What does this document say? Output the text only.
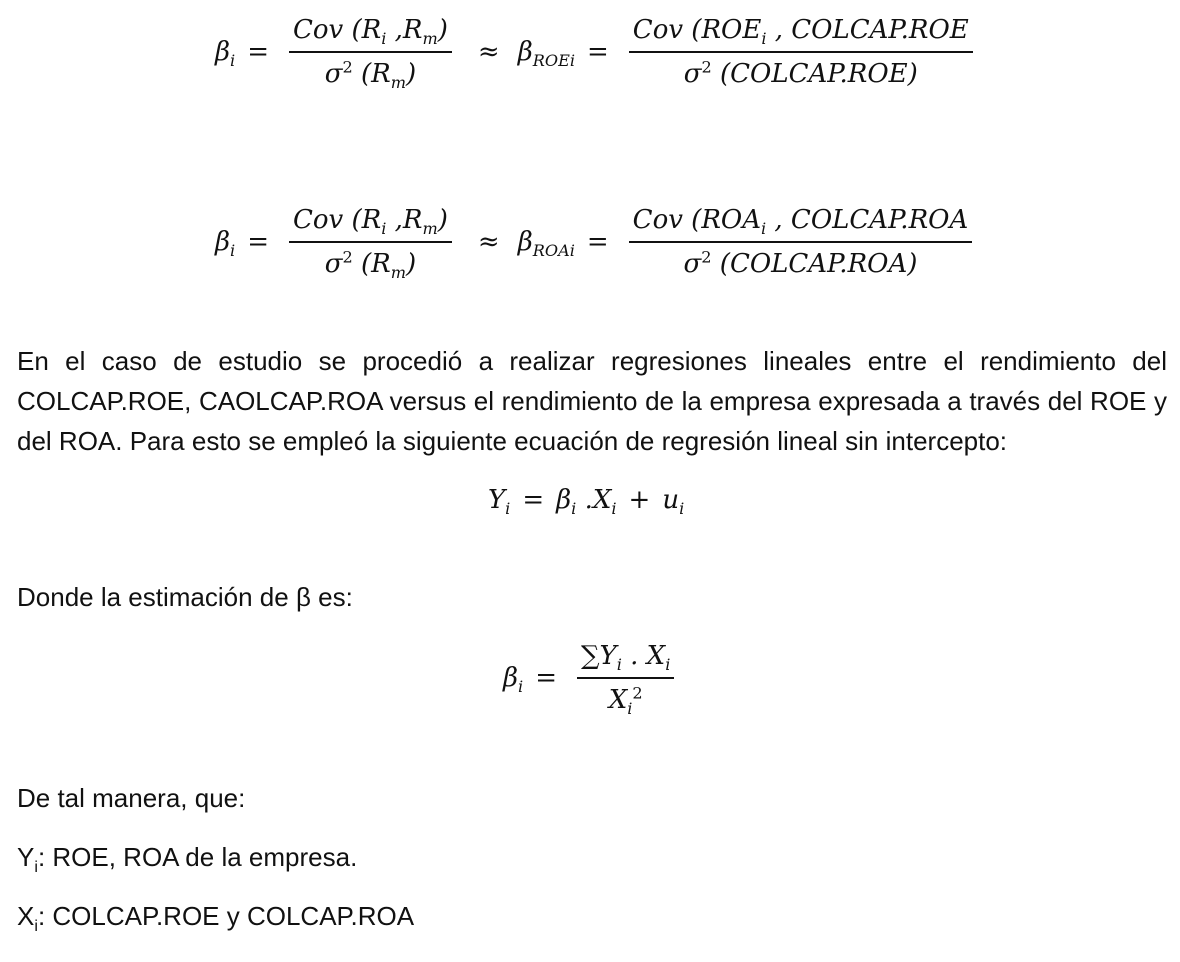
$\beta_i = \frac{Cov (R_i ,R_m)}{\sigma^2 (R_m)} \approx \beta_{ROEi} = \frac{Cov (ROE_i , COLCAP.ROE}{\sigma^2 (COLCAP.ROE)}$
$\beta_i = \frac{Cov (R_i ,R_m)}{\sigma^2 (R_m)} \approx \beta_{ROAi} = \frac{Cov (ROA_i , COLCAP.ROA}{\sigma^2 (COLCAP.ROA)}$
En el caso de estudio se procedió a realizar regresiones lineales entre el rendimiento del COLCAP.ROE, CAOLCAP.ROA versus el rendimiento de la empresa expresada a través del ROE y del ROA. Para esto se empleó la siguiente ecuación de regresión lineal sin intercepto:
$Y_i = \beta_i$ $.X_i + u_i$
Donde la estimación de β es:
$\beta_i = \frac{\sum Y_i . X_i}{X_i^2}$
De tal manera, que:
$Y_i$: ROE, ROA de la empresa.
$X_i$: COLCAP.ROE y COLCAP.ROA
